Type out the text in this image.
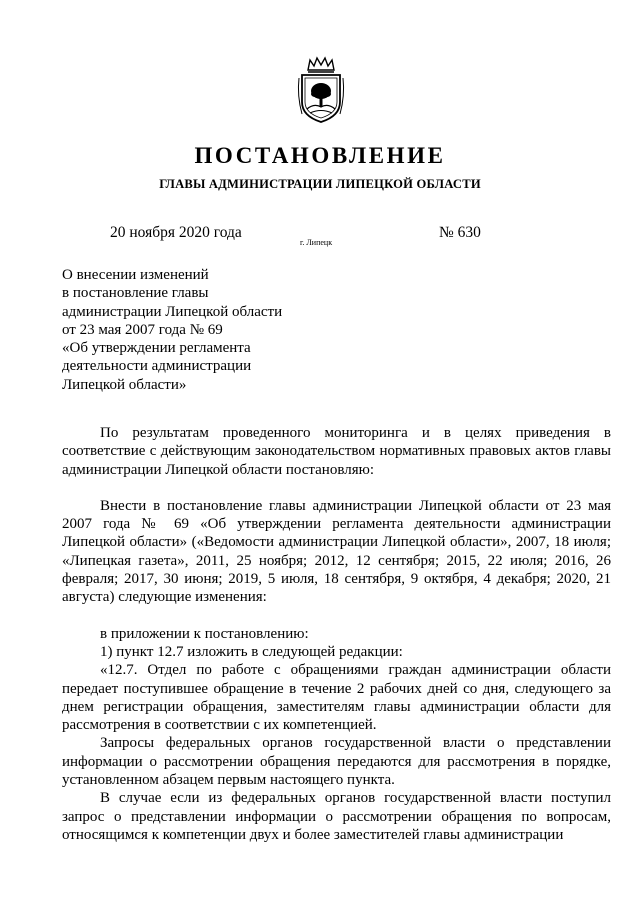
ПОСТАНОВЛЕНИЕ
ГЛАВЫ АДМИНИСТРАЦИИ ЛИПЕЦКОЙ ОБЛАСТИ
20 ноября 2020 года
г. Липецк
№ 630
О внесении изменений
в постановление главы
администрации Липецкой области
от 23 мая 2007 года № 69
«Об утверждении регламента
деятельности администрации
Липецкой области»

По результатам проведенного мониторинга и в целях приведения в соответствие с действующим законодательством нормативных правовых актов главы администрации Липецкой области постановляю:

Внести в постановление главы администрации Липецкой области от 23 мая 2007 года № 69 «Об утверждении регламента деятельности администрации Липецкой области» («Ведомости администрации Липецкой области», 2007, 18 июля; «Липецкая газета», 2011, 25 ноября; 2012, 12 сентября; 2015, 22 июля; 2016, 26 февраля; 2017, 30 июня; 2019, 5 июля, 18 сентября, 9 октября, 4 декабря; 2020, 21 августа) следующие изменения:

в приложении к постановлению:

1) пункт 12.7 изложить в следующей редакции:

«12.7. Отдел по работе с обращениями граждан администрации области передает поступившее обращение в течение 2 рабочих дней со дня, следующего за днем регистрации обращения, заместителям главы администрации области для рассмотрения в соответствии с их компетенцией.

Запросы федеральных органов государственной власти о представлении информации о рассмотрении обращения передаются для рассмотрения в порядке, установленном абзацем первым настоящего пункта.

В случае если из федеральных органов государственной власти поступил запрос о представлении информации о рассмотрении обращения по вопросам, относящимся к компетенции двух и более заместителей главы администрации
